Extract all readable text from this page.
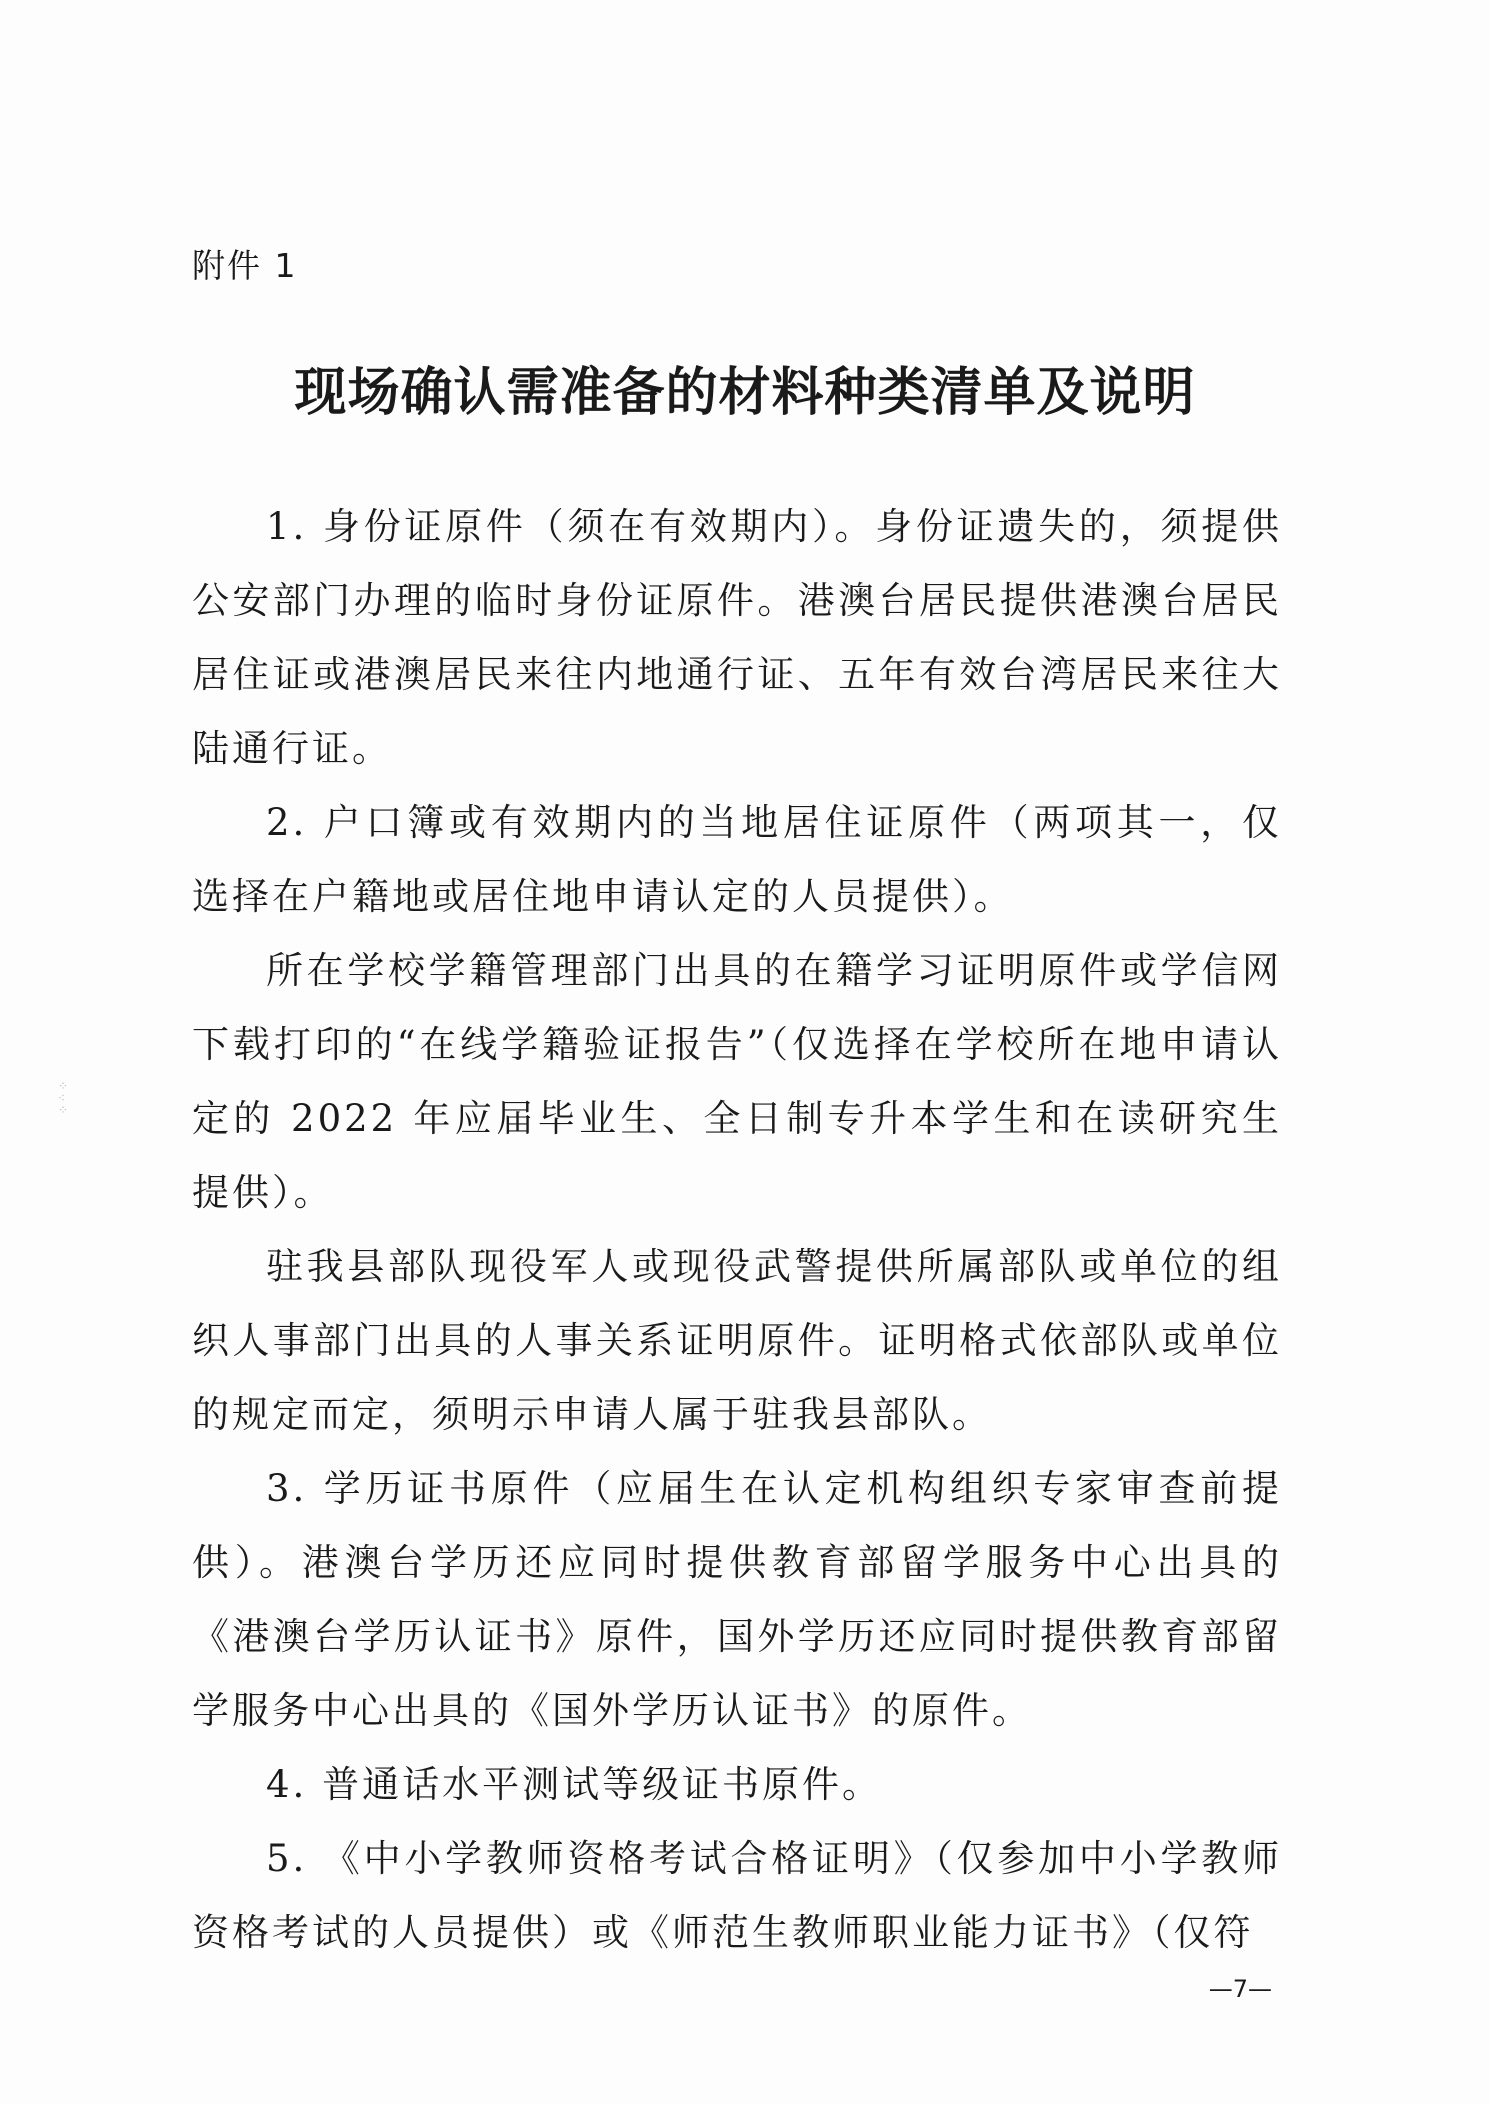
附件 1
现场确认需准备的材料种类清单及说明

1. 身份证原件（须在有效期内）。身份证遗失的，须提供公安部门办理的临时身份证原件。港澳台居民提供港澳台居民居住证或港澳居民来往内地通行证、五年有效台湾居民来往大陆通行证。

2. 户口簿或有效期内的当地居住证原件（两项其一，仅选择在户籍地或居住地申请认定的人员提供）。

所在学校学籍管理部门出具的在籍学习证明原件或学信网下载打印的“在线学籍验证报告”（仅选择在学校所在地申请认定的 2022 年应届毕业生、全日制专升本学生和在读研究生提供）。

驻我县部队现役军人或现役武警提供所属部队或单位的组织人事部门出具的人事关系证明原件。证明格式依部队或单位的规定而定，须明示申请人属于驻我县部队。

3. 学历证书原件（应届生在认定机构组织专家审查前提供）。港澳台学历还应同时提供教育部留学服务中心出具的《港澳台学历认证书》原件，国外学历还应同时提供教育部留学服务中心出具的《国外学历认证书》的原件。

4. 普通话水平测试等级证书原件。

5. 《中小学教师资格考试合格证明》（仅参加中小学教师资格考试的人员提供）或《师范生教师职业能力证书》（仅符

⁘
⁖
⁘
—7—
